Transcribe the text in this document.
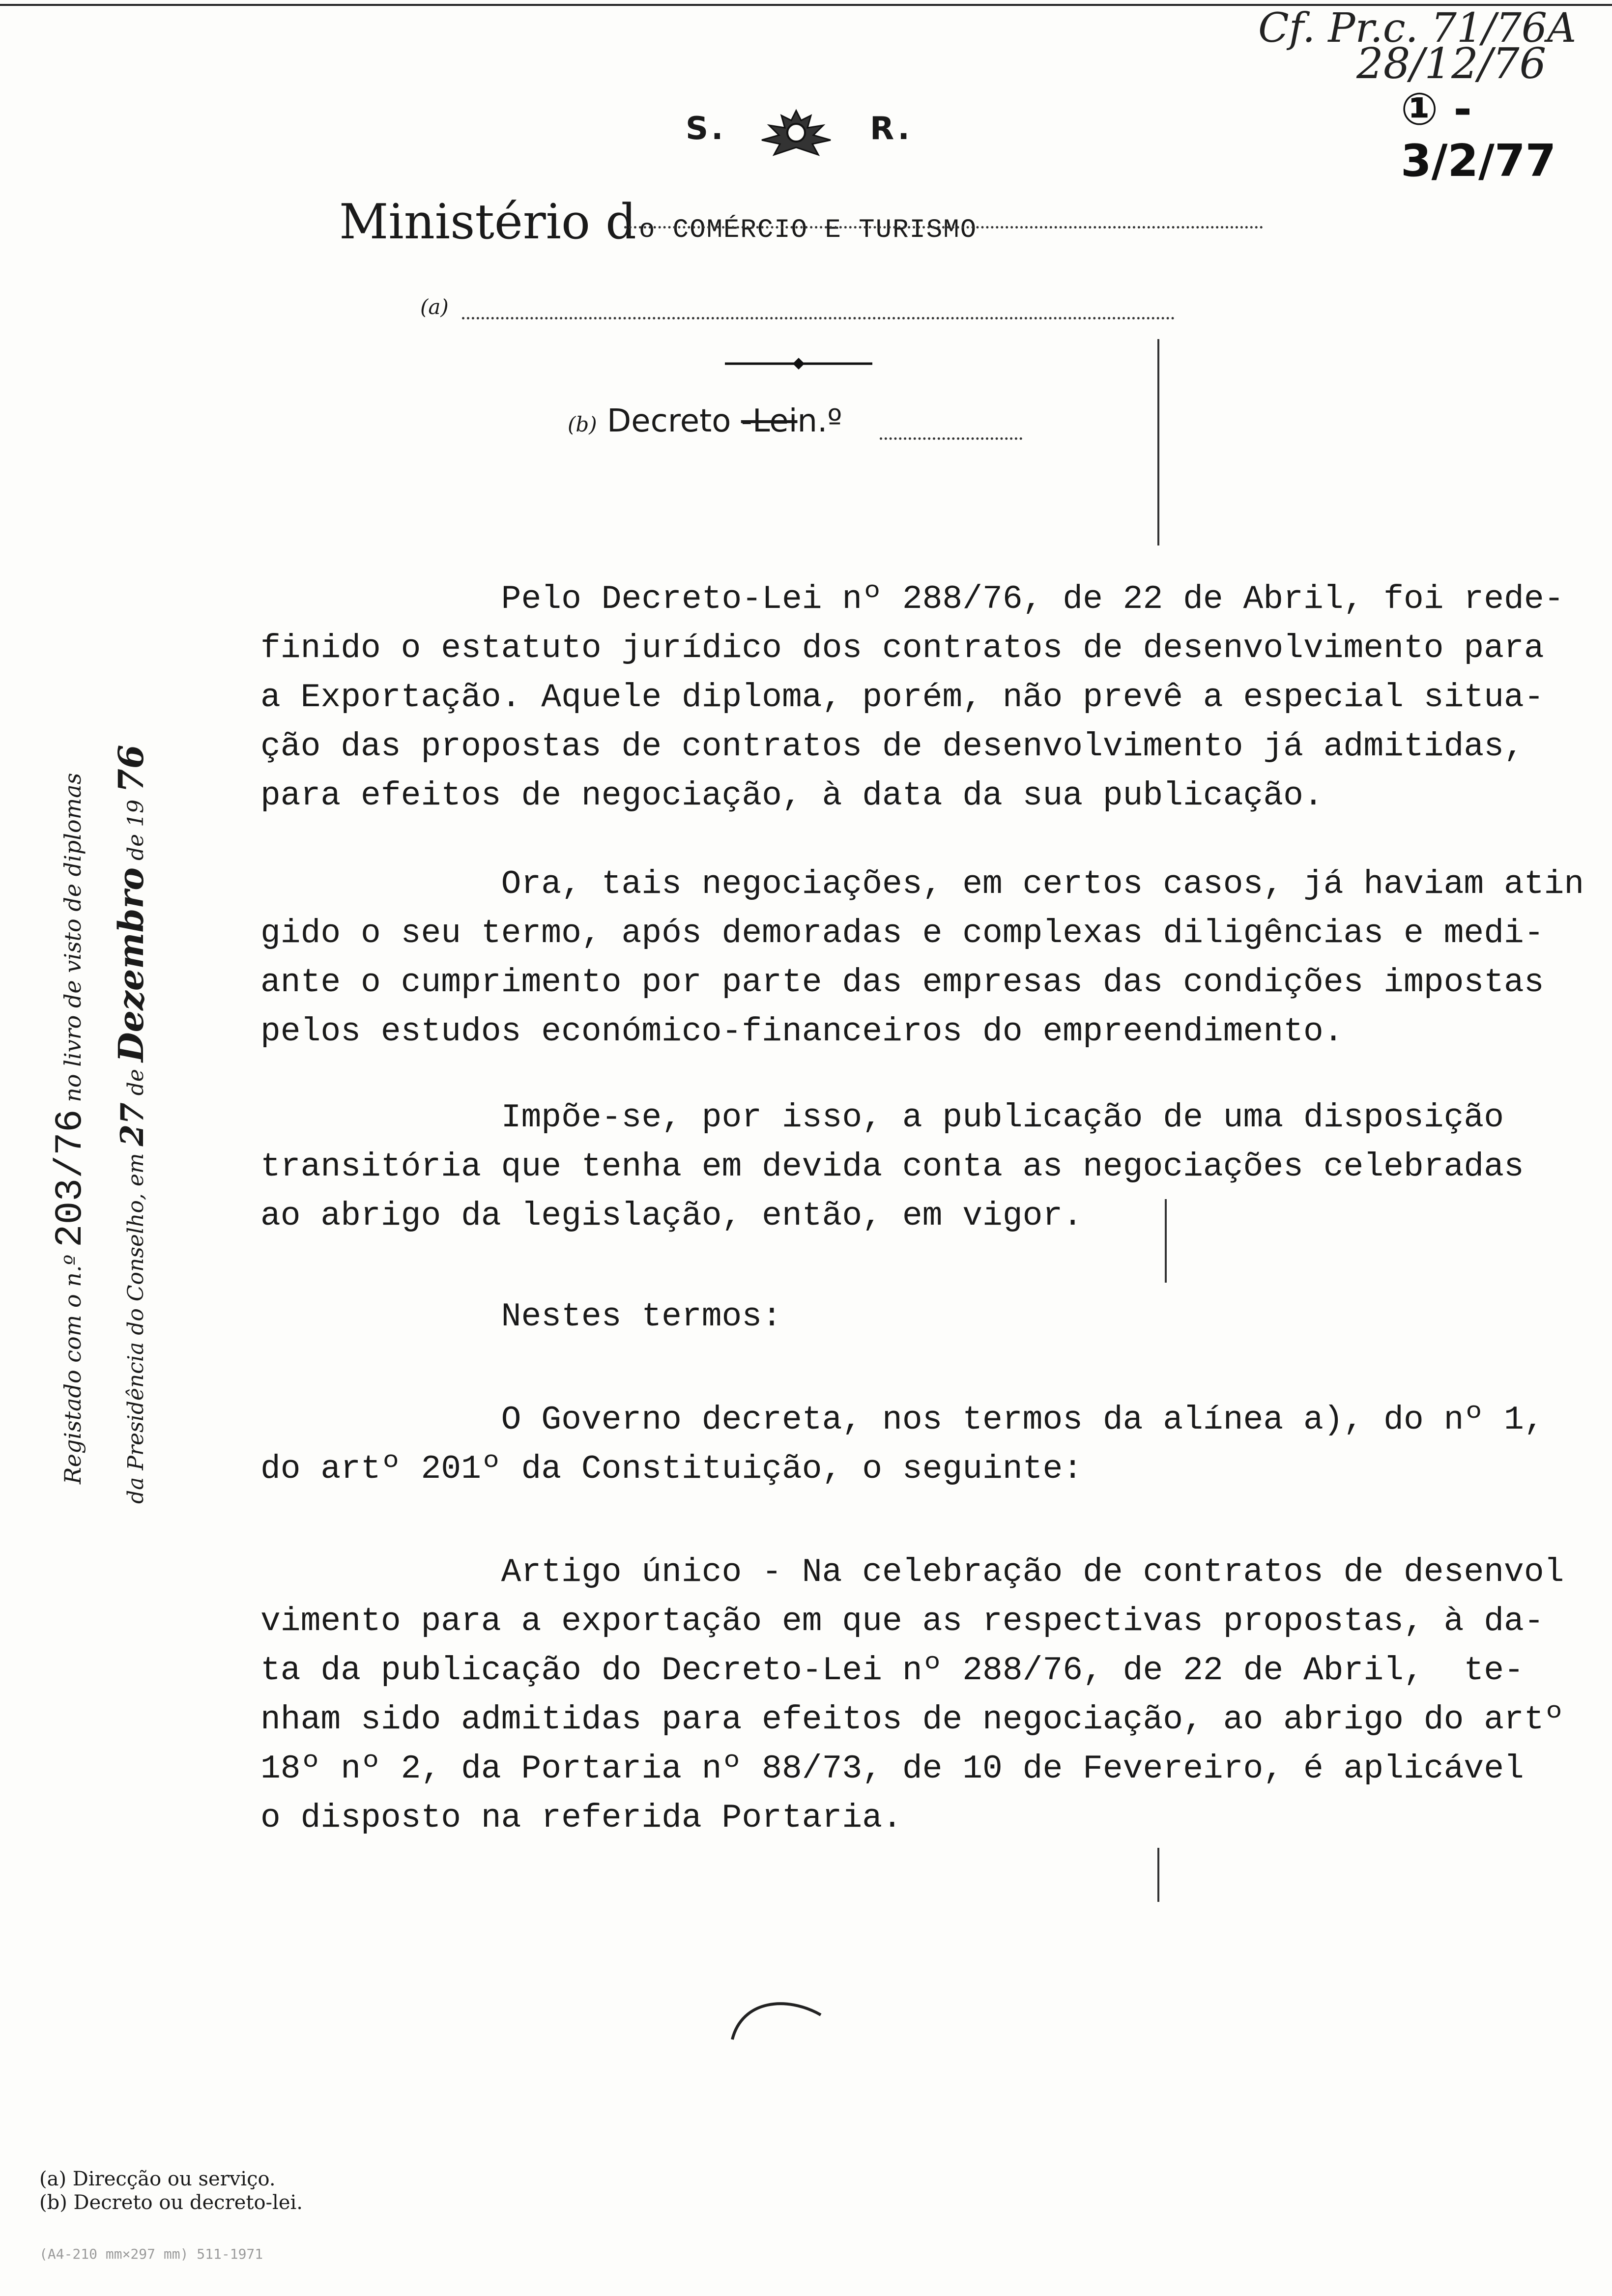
Cf. Pr.c. 71/76A
28/12/76
① - 3/2/77
S.	R.
Ministério d o COMÉRCIO E TURISMO
(a)
(b) Decreto -Lein.º
Registado com o n.º 203/76 no livro de visto de diplomas
da Presidência do Conselho, em 27 de Dezembro de 19 76
Pelo Decreto-Lei nº 288/76, de 22 de Abril, foi rede-
finido o estatuto jurídico dos contratos de desenvolvimento para
a Exportação. Aquele diploma, porém, não prevê a especial situa-
ção das propostas de contratos de desenvolvimento já admitidas,
para efeitos de negociação, à data da sua publicação.
Ora, tais negociações, em certos casos, já haviam atin
gido o seu termo, após demoradas e complexas diligências e medi-
ante o cumprimento por parte das empresas das condições impostas
pelos estudos económico-financeiros do empreendimento.
Impõe-se, por isso, a publicação de uma disposição
transitória que tenha em devida conta as negociações celebradas
ao abrigo da legislação, então, em vigor.
Nestes termos:
O Governo decreta, nos termos da alínea a), do nº 1,
do artº 201º da Constituição, o seguinte:
Artigo único - Na celebração de contratos de desenvol
vimento para a exportação em que as respectivas propostas, à da-
ta da publicação do Decreto-Lei nº 288/76, de 22 de Abril,  te-
nham sido admitidas para efeitos de negociação, ao abrigo do artº
18º nº 2, da Portaria nº 88/73, de 10 de Fevereiro, é aplicável
o disposto na referida Portaria.
(a) Direcção ou serviço.
(b) Decreto ou decreto-lei.
(A4-210 mm×297 mm) 511-1971
